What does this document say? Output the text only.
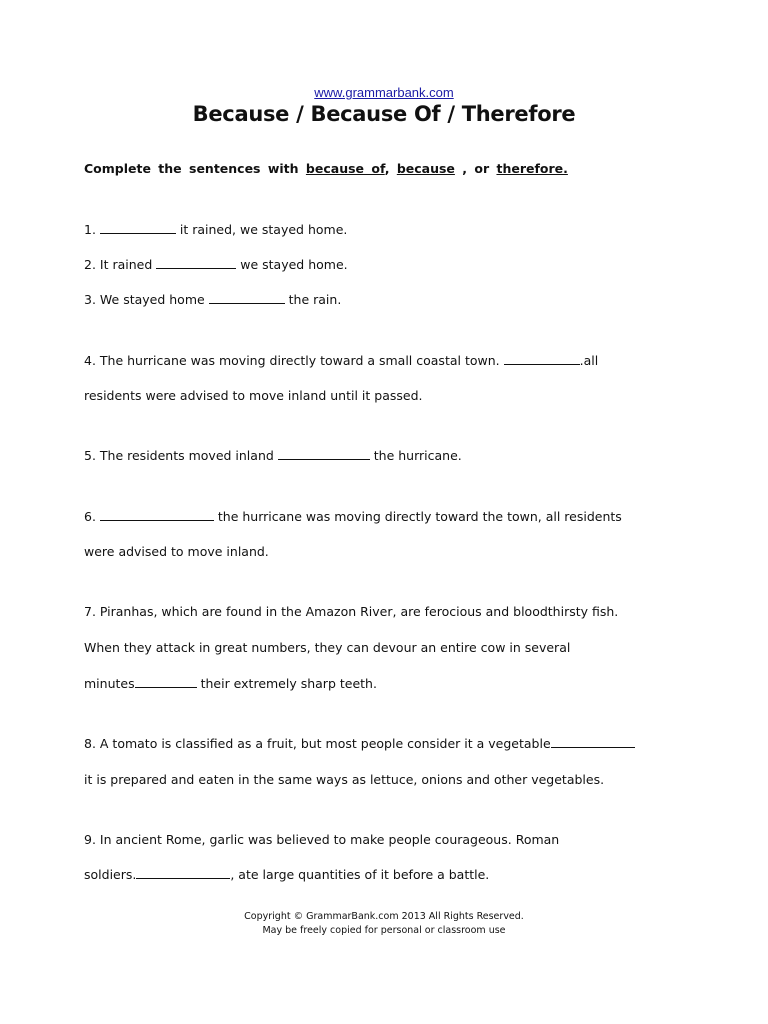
www.grammarbank.com
Because / Because Of / Therefore
Complete the sentences with because of, because , or therefore.
1.	it rained, we stayed home.
2. It rained	we stayed home.
3. We stayed home	the rain.
4. The hurricane was moving directly toward a small coastal town.	.all
residents were advised to move inland until it passed.
5. The residents moved inland	the hurricane.
6.	the hurricane was moving directly toward the town, all residents
were advised to move inland.
7. Piranhas, which are found in the Amazon River, are ferocious and bloodthirsty fish.
When they attack in great numbers, they can devour an entire cow in several
minutes	their extremely sharp teeth.
8. A tomato is classified as a fruit, but most people consider it a vegetable
it is prepared and eaten in the same ways as lettuce, onions and other vegetables.
9. In ancient Rome, garlic was believed to make people courageous. Roman
soldiers.	, ate large quantities of it before a battle.
Copyright © GrammarBank.com 2013 All Rights Reserved.
May be freely copied for personal or classroom use
